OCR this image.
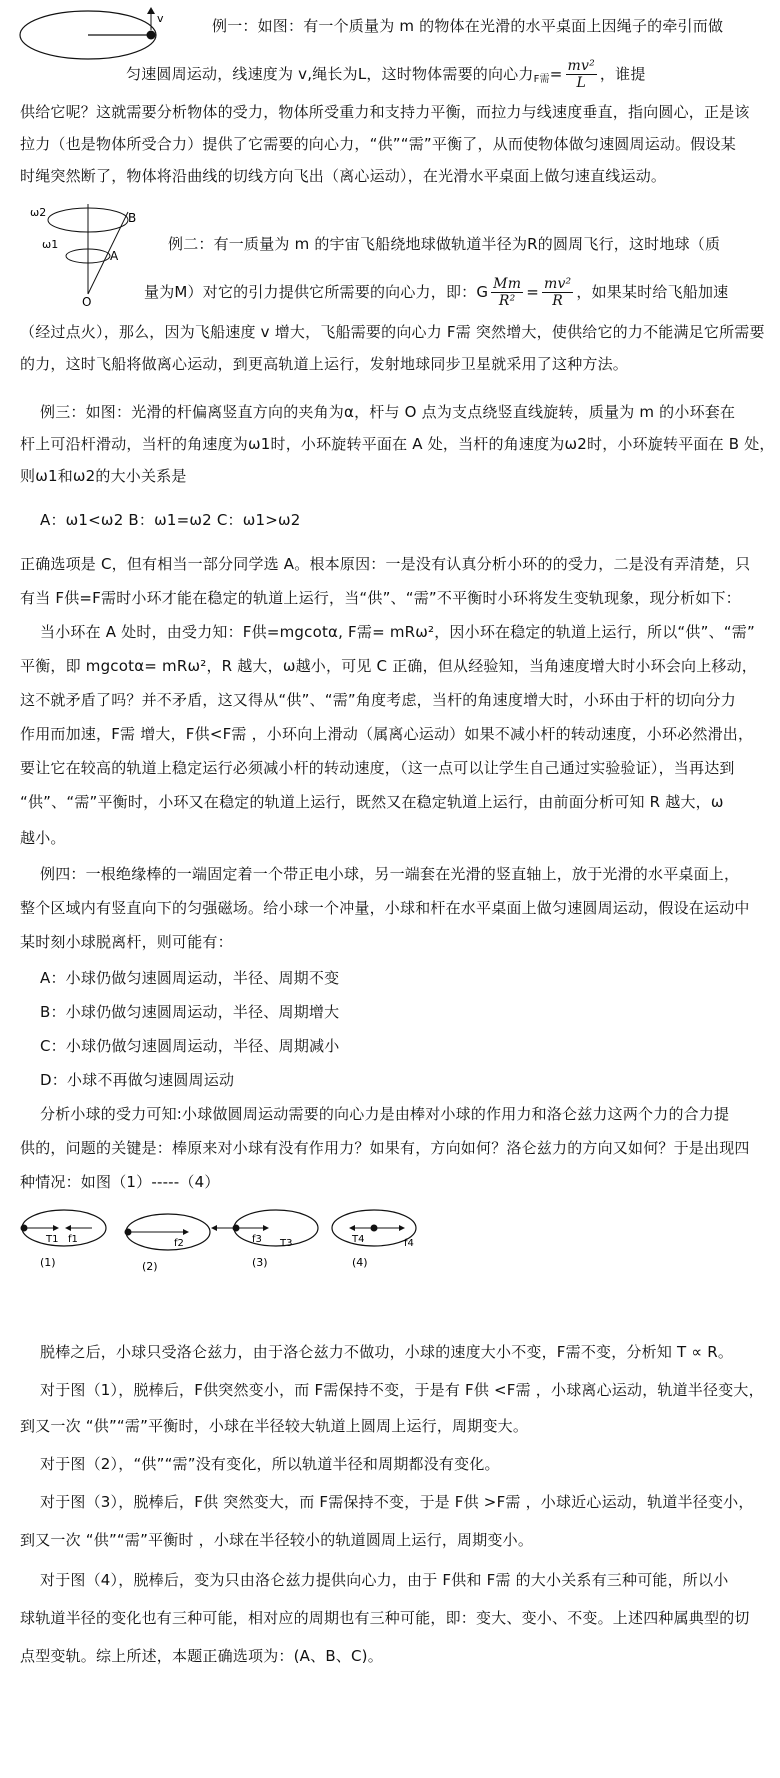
v	例一：如图：有一个质量为 m 的物体在光滑的水平桌面上因绳子的牵引而做
匀速圆周运动，线速度为 v,绳长为L，这时物体需要的向心力$_{F需}= \frac{\text{mv²}}{L}$ ，谁提
供给它呢？这就需要分析物体的受力，物体所受重力和支持力平衡，而拉力与线速度垂直，指向圆心，正是该
拉力（也是物体所受合力）提供了它需要的向心力，“供”“需”平衡了，从而使物体做匀速圆周运动。假设某
时绳突然断了，物体将沿曲线的切线方向飞出（离心运动），在光滑水平桌面上做匀速直线运动。
ω2
ω1
B
A
O
例二：有一质量为 m 的宇宙飞船绕地球做轨道半径为R的圆周飞行，这时地球（质
量为M）对它的引力提供它所需要的向心力，即：G $\frac{Mm}{\text{R²}} = \frac{\text{mv²}}{R}$ ，如果某时给飞船加速
（经过点火），那么，因为飞船速度 v 增大，飞船需要的向心力 F需 突然增大，使供给它的力不能满足它所需要
的力，这时飞船将做离心运动，到更高轨道上运行，发射地球同步卫星就采用了这种方法。
例三：如图：光滑的杆偏离竖直方向的夹角为α，杆与 O 点为支点绕竖直线旋转，质量为 m 的小环套在
杆上可沿杆滑动，当杆的角速度为ω1时，小环旋转平面在 A 处，当杆的角速度为ω2时，小环旋转平面在 B 处，
则ω1和ω2的大小关系是
A：ω1<ω2 B：ω1=ω2 C：ω1>ω2
正确选项是 C，但有相当一部分同学选 A。根本原因：一是没有认真分析小环的的受力，二是没有弄清楚，只
有当 F供=F需时小环才能在稳定的轨道上运行，当“供”、“需”不平衡时小环将发生变轨现象，现分析如下：
当小环在 A 处时，由受力知：F供=mgcotα, F需= mRω²，因小环在稳定的轨道上运行，所以“供”、“需”
平衡，即 mgcotα= mRω²，R 越大，ω越小，可见 C 正确，但从经验知，当角速度增大时小环会向上移动，
这不就矛盾了吗？并不矛盾，这又得从“供”、“需”角度考虑，当杆的角速度增大时，小环由于杆的切向分力
作用而加速，F需 增大，F供<F需 ，小环向上滑动（属离心运动）如果不减小杆的转动速度，小环必然滑出，
要让它在较高的轨道上稳定运行必须减小杆的转动速度，（这一点可以让学生自己通过实验验证），当再达到
“供”、“需”平衡时，小环又在稳定的轨道上运行，既然又在稳定轨道上运行，由前面分析可知 R 越大，ω
越小。
例四：一根绝缘棒的一端固定着一个带正电小球，另一端套在光滑的竖直轴上，放于光滑的水平桌面上，
整个区域内有竖直向下的匀强磁场。给小球一个冲量，小球和杆在水平桌面上做匀速圆周运动，假设在运动中
某时刻小球脱离杆，则可能有：
A：小球仍做匀速圆周运动，半径、周期不变
B：小球仍做匀速圆周运动，半径、周期增大
C：小球仍做匀速圆周运动，半径、周期减小
D：小球不再做匀速圆周运动
分析小球的受力可知:小球做圆周运动需要的向心力是由棒对小球的作用力和洛仑兹力这两个力的合力提
供的，问题的关键是：棒原来对小球有没有作用力？如果有，方向如何？洛仑兹力的方向又如何？于是出现四
种情况：如图（1）-----（4）
T1 f1
(1)
f2
(2)
f3 T3
(3)
T4	f4
(4)
脱棒之后，小球只受洛仑兹力，由于洛仑兹力不做功，小球的速度大小不变，F需不变，分析知 T ∝ R。
对于图（1），脱棒后，F供突然变小，而 F需保持不变，于是有 F供 <F需 ，小球离心运动，轨道半径变大，
到又一次 “供”“需”平衡时，小球在半径较大轨道上圆周上运行，周期变大。
对于图（2），“供”“需”没有变化，所以轨道半径和周期都没有变化。
对于图（3），脱棒后，F供 突然变大，而 F需保持不变，于是 F供 >F需 ，小球近心运动，轨道半径变小，
到又一次 “供”“需”平衡时 ，小球在半径较小的轨道圆周上运行，周期变小。
对于图（4），脱棒后，变为只由洛仑兹力提供向心力，由于 F供和 F需 的大小关系有三种可能，所以小
球轨道半径的变化也有三种可能，相对应的周期也有三种可能，即：变大、变小、不变。上述四种属典型的切
点型变轨。综上所述，本题正确选项为：(A、B、C)。
